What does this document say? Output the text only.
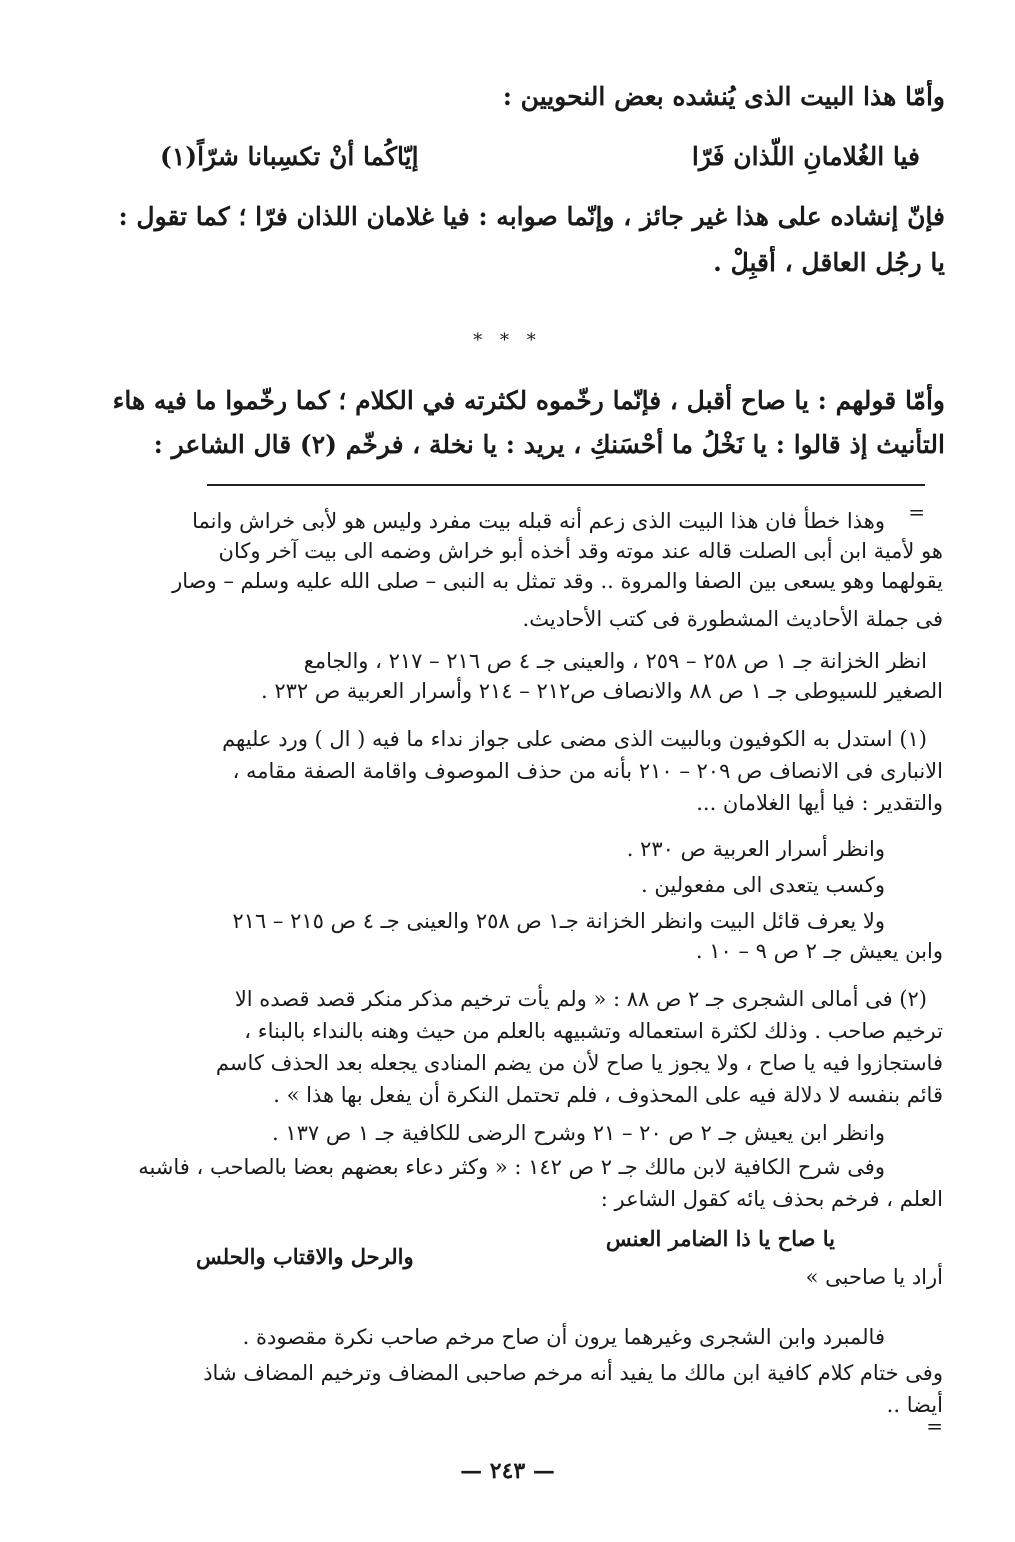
وأمّا هذا البيت الذى يُنشده بعض النحويين :
فيا الغُلامانِ اللّذان فَرّا
إيّاكُما أنْ تكسِبانا شرّاً(١)
فإنّ إنشاده على هذا غير جائز ، وإنّما صوابه : فيا غلامان اللذان فرّا ؛ كما تقول :
يا رجُل العاقل ، أقبِلْ .
* * *
وأمّا قولهم : يا صاح أقبل ، فإنّما رخّموه لكثرته في الكلام ؛ كما رخّموا ما فيه هاء
التأنيث إذ قالوا : يا نَخْلُ ما أحْسَنكِ ، يريد : يا نخلة ، فرخّم (٢) قال الشاعر :
=
وهذا خطأ فان هذا البيت الذى زعم أنه قبله بيت مفرد وليس هو لأبى خراش وانما
هو لأمية ابن أبى الصلت قاله عند موته وقد أخذه أبو خراش وضمه الى بيت آخر وكان
يقولهما وهو يسعى بين الصفا والمروة .. وقد تمثل به النبى – صلى الله عليه وسلم – وصار
فى جملة الأحاديث المشطورة فى كتب الأحاديث.
انظر الخزانة جـ ١ ص ٢٥٨ – ٢٥٩ ، والعينى جـ ٤ ص ٢١٦ – ٢١٧ ، والجامع
الصغير للسيوطى جـ ١ ص ٨٨ والانصاف ص٢١٢ – ٢١٤ وأسرار العربية ص ٢٣٢ .
(١) استدل به الكوفيون وبالبيت الذى مضى على جواز نداء ما فيه ( ال ) ورد عليهم
الانبارى فى الانصاف ص ٢٠٩ – ٢١٠ بأنه من حذف الموصوف واقامة الصفة مقامه ،
والتقدير : فيا أيها الغلامان ...
وانظر أسرار العربية ص ٢٣٠ .
وكسب يتعدى الى مفعولين .
ولا يعرف قائل البيت وانظر الخزانة جـ١ ص ٢٥٨ والعينى جـ ٤ ص ٢١٥ – ٢١٦
وابن يعيش جـ ٢ ص ٩ – ١٠ .
(٢) فى أمالى الشجرى جـ ٢ ص ٨٨ : « ولم يأت ترخيم مذكر منكر قصد قصده الا
ترخيم صاحب . وذلك لكثرة استعماله وتشبيهه بالعلم من حيث وهنه بالنداء بالبناء ،
فاستجازوا فيه يا صاح ، ولا يجوز يا صاح لأن من يضم المنادى يجعله بعد الحذف كاسم
قائم بنفسه لا دلالة فيه على المحذوف ، فلم تحتمل النكرة أن يفعل بها هذا » .
وانظر ابن يعيش جـ ٢ ص ٢٠ – ٢١ وشرح الرضى للكافية جـ ١ ص ١٣٧ .
وفى شرح الكافية لابن مالك جـ ٢ ص ١٤٢ : « وكثر دعاء بعضهم بعضا بالصاحب ، فاشبه
العلم ، فرخم بحذف يائه كقول الشاعر :
يا صاح يا ذا الضامر العنس
والرحل والاقتاب والحلس
أراد يا صاحبى »
فالمبرد وابن الشجرى وغيرهما يرون أن صاح مرخم صاحب نكرة مقصودة .
وفى ختام كلام كافية ابن مالك ما يفيد أنه مرخم صاحبى المضاف وترخيم المضاف شاذ
أيضا ..
=
— ٢٤٣ —
